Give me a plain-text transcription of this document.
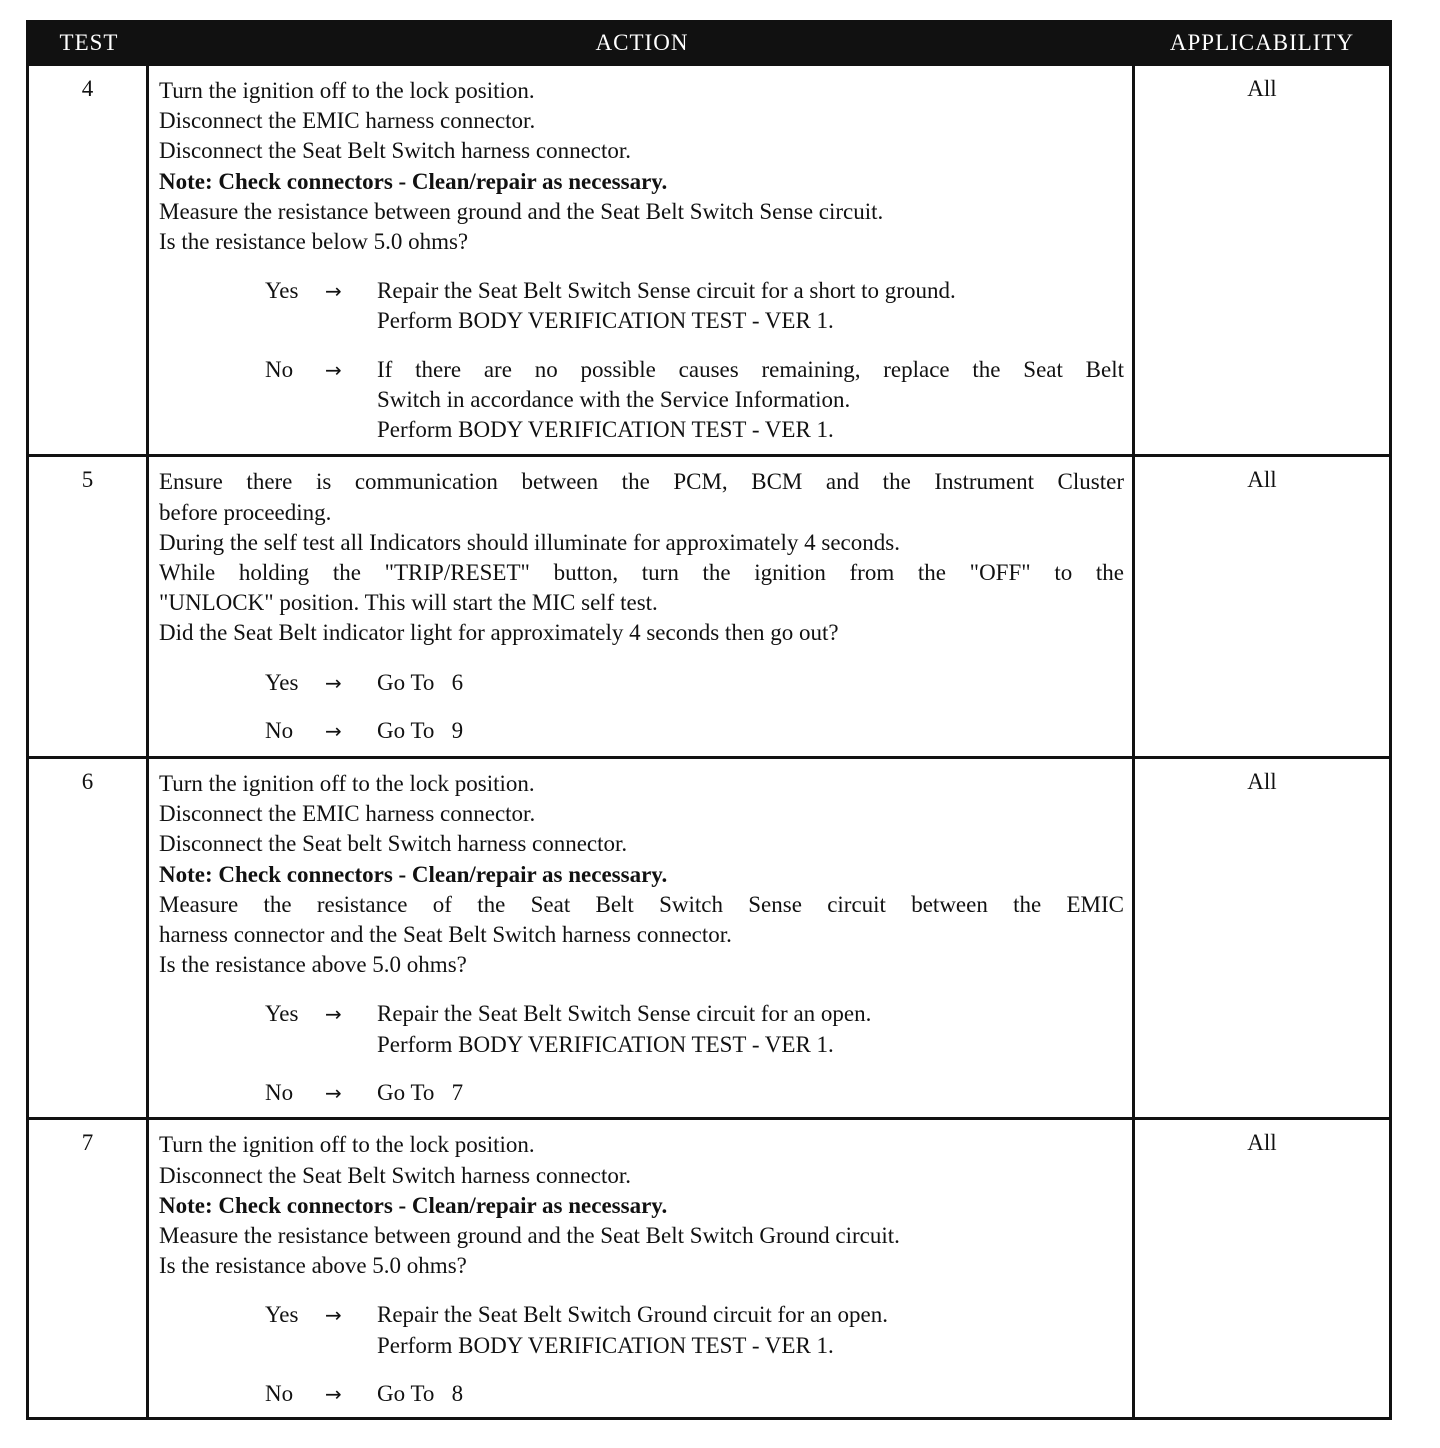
TEST	ACTION	APPLICABILITY
4	Turn the ignition off to the lock position.
Disconnect the EMIC harness connector.
Disconnect the Seat Belt Switch harness connector.
Note: Check connectors - Clean/repair as necessary.
Measure the resistance between ground and the Seat Belt Switch Sense circuit.
Is the resistance below 5.0 ohms?
Yes	→	Repair the Seat Belt Switch Sense circuit for a short to ground.
Perform BODY VERIFICATION TEST - VER 1.
No	→	If there are no possible causes remaining, replace the Seat Belt
Switch in accordance with the Service Information.
Perform BODY VERIFICATION TEST - VER 1.
All
5	Ensure there is communication between the PCM, BCM and the Instrument Cluster
before proceeding.
During the self test all Indicators should illuminate for approximately 4 seconds.
While holding the "TRIP/RESET" button, turn the ignition from the "OFF" to the
"UNLOCK" position. This will start the MIC self test.
Did the Seat Belt indicator light for approximately 4 seconds then go out?
Yes	→	Go To   6
No	→	Go To   9
All
6	Turn the ignition off to the lock position.
Disconnect the EMIC harness connector.
Disconnect the Seat belt Switch harness connector.
Note: Check connectors - Clean/repair as necessary.
Measure the resistance of the Seat Belt Switch Sense circuit between the EMIC
harness connector and the Seat Belt Switch harness connector.
Is the resistance above 5.0 ohms?
Yes	→	Repair the Seat Belt Switch Sense circuit for an open.
Perform BODY VERIFICATION TEST - VER 1.
No	→	Go To   7
All
7	Turn the ignition off to the lock position.
Disconnect the Seat Belt Switch harness connector.
Note: Check connectors - Clean/repair as necessary.
Measure the resistance between ground and the Seat Belt Switch Ground circuit.
Is the resistance above 5.0 ohms?
Yes	→	Repair the Seat Belt Switch Ground circuit for an open.
Perform BODY VERIFICATION TEST - VER 1.
No	→	Go To   8
All
